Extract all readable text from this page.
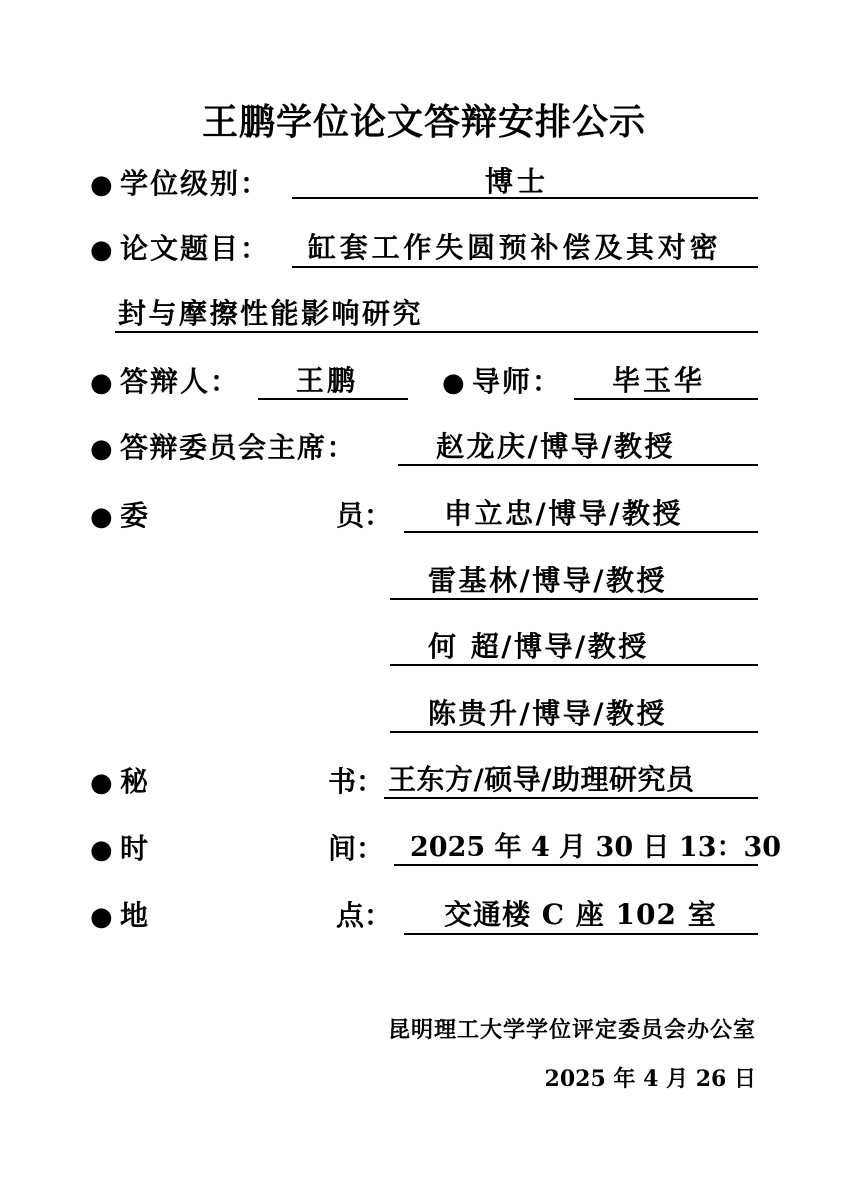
王鹏学位论文答辩安排公示
● 学位级别：	博士
● 论文题目： 缸套工作失圆预补偿及其对密
封与摩擦性能影响研究
● 答辩人： 王鹏	● 导师： 毕玉华
● 答辩委员会主席：	赵龙庆/博导/教授
● 委	员： 申立忠/博导/教授
雷基林/博导/教授
何 超/博导/教授
陈贵升/博导/教授
● 秘	书： 王东方/硕导/助理研究员
● 时	间： 2025 年 4 月 30 日 13：30
● 地	点： 交通楼 C 座 102 室
昆明理工大学学位评定委员会办公室
2025 年 4 月 26 日
